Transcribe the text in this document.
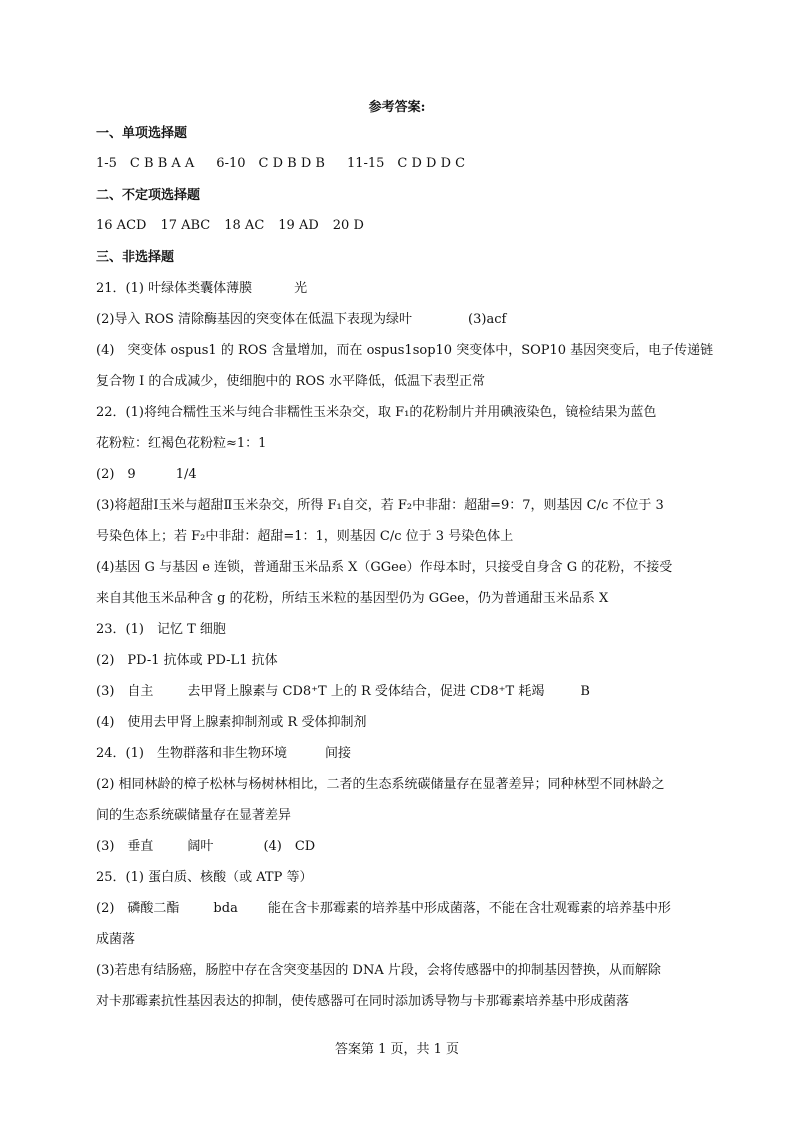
参考答案:
一、单项选择题
1-5　C B B A A 6-10　C D B D B 11-15　C D D D C
二、不定项选择题
16 ACD 17 ABC 18 AC 19 AD 20 D
三、非选择题
21．(1) 叶绿体类囊体薄膜	光
(2)导入 ROS 清除酶基因的突变体在低温下表现为绿叶	(3)acf
(4)　突变体 ospus1 的 ROS 含量增加，而在 ospus1sop10 突变体中，SOP10 基因突变后，电子传递链
复合物 I 的合成减少，使细胞中的 ROS 水平降低，低温下表型正常
22．(1)将纯合糯性玉米与纯合非糯性玉米杂交，取 F₁的花粉制片并用碘液染色，镜检结果为蓝色
花粉粒：红褐色花粉粒≈1：1
(2)　9	1/4
(3)将超甜Ⅰ玉米与超甜Ⅱ玉米杂交，所得 F₁自交，若 F₂中非甜：超甜=9：7，则基因 C/c 不位于 3
号染色体上；若 F₂中非甜：超甜=1：1，则基因 C/c 位于 3 号染色体上
(4)基因 G 与基因 e 连锁，普通甜玉米品系 X（GGee）作母本时，只接受自身含 G 的花粉，不接受
来自其他玉米品种含 g 的花粉，所结玉米粒的基因型仍为 GGee，仍为普通甜玉米品系 X
23．(1)　记忆 T 细胞
(2)　PD-1 抗体或 PD-L1 抗体
(3)　自主	去甲肾上腺素与 CD8⁺T 上的 R 受体结合，促进 CD8⁺T 耗竭	B
(4)　使用去甲肾上腺素抑制剂或 R 受体抑制剂
24．(1)　生物群落和非生物环境	间接
(2) 相同林龄的樟子松林与杨树林相比，二者的生态系统碳储量存在显著差异；同种林型不同林龄之
间的生态系统碳储量存在显著差异
(3)　垂直	阔叶	(4)　CD
25．(1) 蛋白质、核酸（或 ATP 等）
(2)　磷酸二酯	bda 能在含卡那霉素的培养基中形成菌落，不能在含壮观霉素的培养基中形
成菌落
(3)若患有结肠癌，肠腔中存在含突变基因的 DNA 片段，会将传感器中的抑制基因替换，从而解除
对卡那霉素抗性基因表达的抑制，使传感器可在同时添加诱导物与卡那霉素培养基中形成菌落
答案第 1 页，共 1 页
